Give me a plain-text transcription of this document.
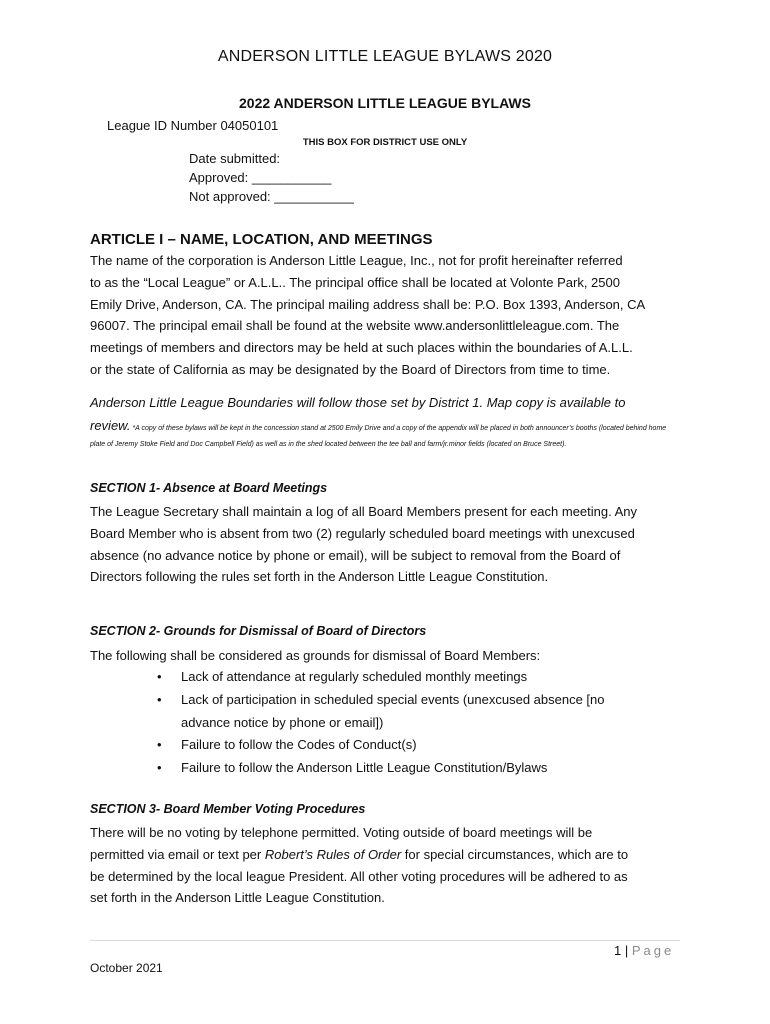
ANDERSON LITTLE LEAGUE BYLAWS 2020
2022 ANDERSON LITTLE LEAGUE BYLAWS
League ID Number 04050101
THIS BOX FOR DISTRICT USE ONLY
Date submitted:
Approved: ___________
Not approved: ___________
ARTICLE I – NAME, LOCATION, AND MEETINGS

The name of the corporation is Anderson Little League, Inc., not for profit hereinafter referred

to as the “Local League” or A.L.L.. The principal office shall be located at Volonte Park, 2500

Emily Drive, Anderson, CA. The principal mailing address shall be: P.O. Box 1393, Anderson, CA

96007. The principal email shall be found at the website www.andersonlittleleague.com. The

meetings of members and directors may be held at such places within the boundaries of A.L.L.

or the state of California as may be designated by the Board of Directors from time to time.

Anderson Little League Boundaries will follow those set by District 1. Map copy is available to
review. *A copy of these bylaws will be kept in the concession stand at 2500 Emily Drive and a copy of the appendix will be placed in both announcer’s booths (located behind home plate of Jeremy Stoke Field and Doc Campbell Field) as well as in the shed located between the tee ball and farm/jr.minor fields (located on Bruce Street).
SECTION 1- Absence at Board Meetings

The League Secretary shall maintain a log of all Board Members present for each meeting. Any

Board Member who is absent from two (2) regularly scheduled board meetings with unexcused

absence (no advance notice by phone or email), will be subject to removal from the Board of

Directors following the rules set forth in the Anderson Little League Constitution.

SECTION 2- Grounds for Dismissal of Board of Directors
The following shall be considered as grounds for dismissal of Board Members:
• Lack of attendance at regularly scheduled monthly meetings
• Lack of participation in scheduled special events (unexcused absence [no advance notice by phone or email])
• Failure to follow the Codes of Conduct(s)
• Failure to follow the Anderson Little League Constitution/Bylaws
SECTION 3- Board Member Voting Procedures

There will be no voting by telephone permitted. Voting outside of board meetings will be

permitted via email or text per Robert’s Rules of Order for special circumstances, which are to

be determined by the local league President. All other voting procedures will be adhered to as

set forth in the Anderson Little League Constitution.

1 | Page
October 2021
